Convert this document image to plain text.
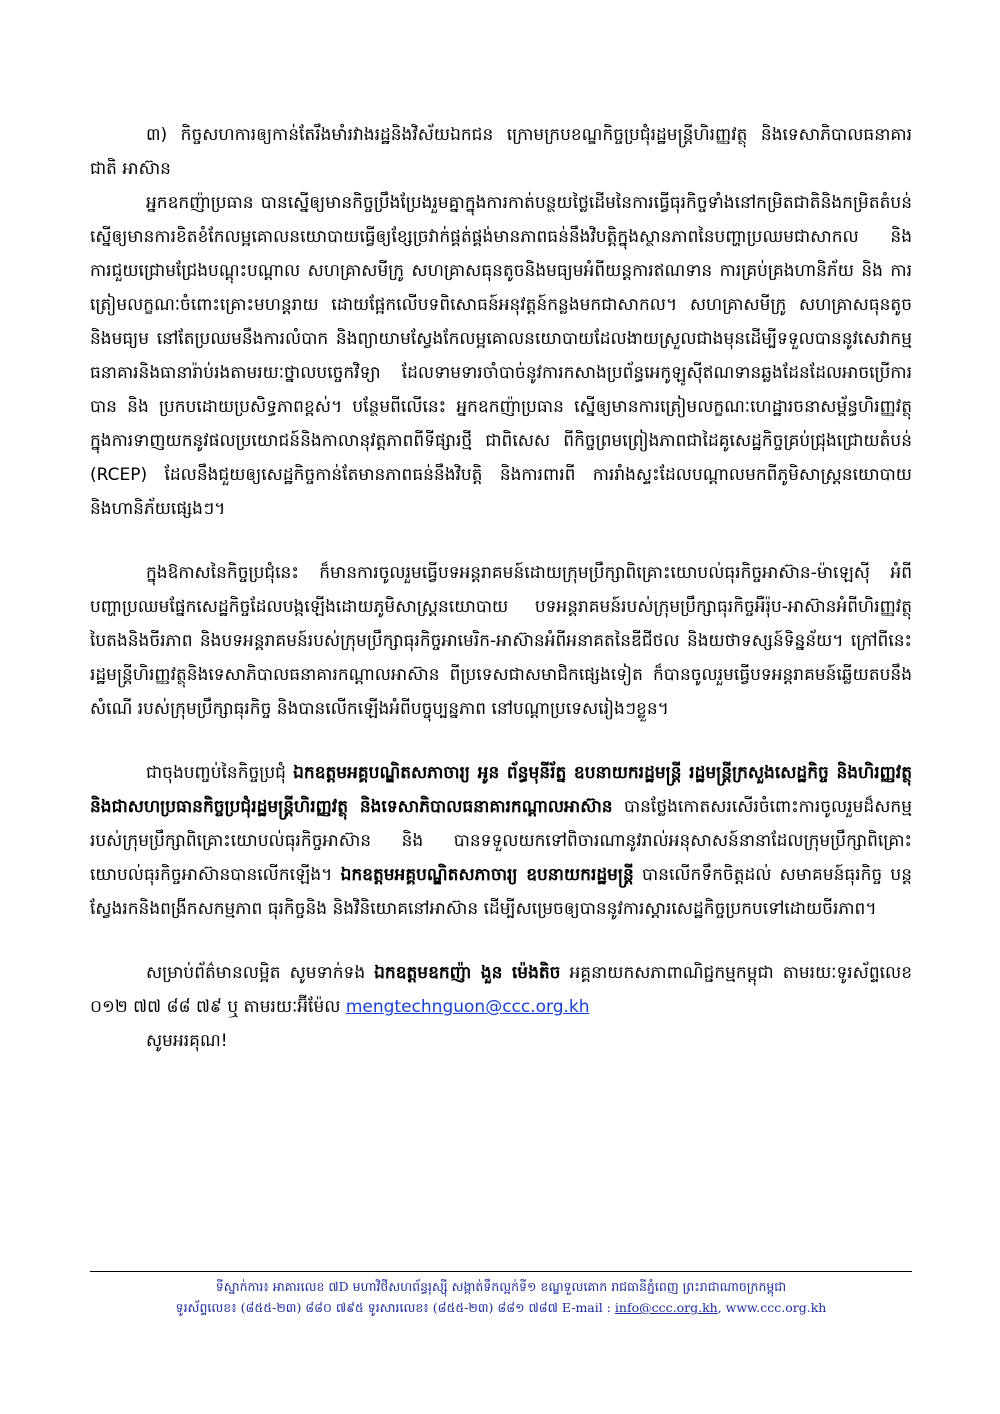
៣) កិច្ចសហការឲ្យកាន់តែរឹងមាំរវាងរដ្ឋនិងវិស័យឯកជន ក្រោមក្របខណ្ឌកិច្ចប្រជុំរដ្ឋមន្ត្រីហិរញ្ញវត្ថុ និងទេសាភិបាលធនាគារជាតិ អាស៊ាន

អ្នកឧកញ៉ាប្រធាន បានស្នើឲ្យមានកិច្ចប្រឹងប្រែងរួមគ្នាក្នុងការកាត់បន្ថយថ្លៃដើមនៃការធ្វើធុរកិច្ចទាំងនៅកម្រិតជាតិនិងកម្រិតតំបន់ ស្នើឲ្យមានការខិតខំកែលម្អគោលនយោបាយធ្វើឲ្យខ្សែច្រវាក់ផ្គត់ផ្គង់មានភាពធន់នឹងវិបត្តិក្នុងស្ថានភាពនៃបញ្ហាប្រឈមជាសាកល និងការជួយជ្រោមជ្រែងបណ្តុះបណ្តាល សហគ្រាសមីក្រូ សហគ្រាសធុនតូចនិងមធ្យមអំពីយន្តការឥណទាន ការគ្រប់គ្រងហានិភ័យ និង ការត្រៀមលក្ខណៈចំពោះគ្រោះមហន្តរាយ ដោយផ្អែកលើបទពិសោធន៍អនុវត្តន៍កន្លងមកជាសាកល។ សហគ្រាសមីក្រូ សហគ្រាសធុនតូច និងមធ្យម នៅតែប្រឈមនឹងការលំបាក និងព្យាយាមស្វែងកែលម្អគោលនយោបាយដែលងាយស្រួលជាងមុនដើម្បីទទួលបាននូវសេវាកម្មធនាគារនិងធានារ៉ាប់រងតាមរយៈថ្នាលបច្ចេកវិទ្យា ដែលទាមទារចាំបាច់នូវការកសាងប្រព័ន្ធអេកូឡូស៊ីឥណទានឆ្លងដែនដែលអាចប្រើការបាន និង ប្រកបដោយប្រសិទ្ធភាពខ្ពស់។ បន្ថែមពីលើនេះ អ្នកឧកញ៉ាប្រធាន ស្នើឲ្យមានការត្រៀមលក្ខណៈហេដ្ឋារចនាសម្ព័ន្ធហិរញ្ញវត្ថុ ក្នុងការទាញយកនូវផលប្រយោជន៍និងកាលានុវត្តភាពពីទីផ្សារថ្មី ជាពិសេស ពីកិច្ចព្រមព្រៀងភាពជាដៃគូសេដ្ឋកិច្ចគ្រប់ជ្រុងជ្រោយតំបន់ (RCEP) ដែលនឹងជួយឲ្យសេដ្ឋកិច្ចកាន់តែមានភាពធន់នឹងវិបត្តិ និងការពារពី ការរាំងស្ទះដែលបណ្តាលមកពីភូមិសាស្ត្រនយោបាយនិងហានិភ័យផ្សេងៗ។

ក្នុងឱកាសនៃកិច្ចប្រជុំនេះ ក៏មានការចូលរួមធ្វើបទអន្តរាគមន៍ដោយក្រុមប្រឹក្សាពិគ្រោះយោបល់ធុរកិច្ចអាស៊ាន-ម៉ាឡេស៊ី អំពីបញ្ហាប្រឈមផ្នែកសេដ្ឋកិច្ចដែលបង្កឡើងដោយភូមិសាស្ត្រនយោបាយ បទអន្តរាគមន៍របស់ក្រុមប្រឹក្សាធុរកិច្ចអឺរ៉ុប-អាស៊ានអំពីហិរញ្ញវត្ថុបៃតងនិងចីរភាព និងបទអន្តរាគមន៍របស់ក្រុមប្រឹក្សាធុរកិច្ចអាមេរិក-អាស៊ានអំពីអនាគតនៃឌីជីថល និងយថាទស្សន៍ទិន្នន័យ។ ក្រៅពីនេះ រដ្ឋមន្ត្រីហិរញ្ញវត្ថុនិងទេសាភិបាលធនាគារកណ្តាលអាស៊ាន ពីប្រទេសជាសមាជិកផ្សេងទៀត ក៏បានចូលរួមធ្វើបទអន្តរាគមន៍ឆ្លើយតបនឹងសំណើ របស់ក្រុមប្រឹក្សាធុរកិច្ច និងបានលើកឡើងអំពីបច្ចុប្បន្នភាព នៅបណ្តាប្រទេសរៀងៗខ្លួន។

ជាចុងបញ្ចប់នៃកិច្ចប្រជុំ ឯកឧត្តមអគ្គបណ្ឌិតសភាចារ្យ អូន ព័ន្ធមុនីរ័ត្ន ឧបនាយករដ្ឋមន្ត្រី រដ្ឋមន្ត្រីក្រសួងសេដ្ឋកិច្ច និងហិរញ្ញវត្ថុ និងជាសហប្រធានកិច្ចប្រជុំរដ្ឋមន្ត្រីហិរញ្ញវត្ថុ និងទេសាភិបាលធនាគារកណ្តាលអាស៊ាន បានថ្លែងកោតសរសើរចំពោះការចូលរួមដ៏សកម្មរបស់ក្រុមប្រឹក្សាពិគ្រោះយោបល់ធុរកិច្ចអាស៊ាន និង បានទទួលយកទៅពិចារណានូវរាល់អនុសាសន៍នានាដែលក្រុមប្រឹក្សាពិគ្រោះយោបល់ធុរកិច្ចអាស៊ានបានលើកឡើង។ ឯកឧត្តមអគ្គបណ្ឌិតសភាចារ្យ ឧបនាយករដ្ឋមន្ត្រី បានលើកទឹកចិត្តដល់ សមាគមន៍ធុរកិច្ច បន្តស្វែងរកនិងពង្រីកសកម្មភាព ធុរកិច្ចនិង និងវិនិយោគនៅអាស៊ាន ដើម្បីសម្រេចឲ្យបាននូវការស្តារសេដ្ឋកិច្ចប្រកបទៅដោយចីរភាព។

សម្រាប់ព័ត៌មានលម្អិត សូមទាក់ទង ឯកឧត្តមឧកញ៉ា ងួន ម៉េងតិច អគ្គនាយកសភាពាណិជ្ជកម្មកម្ពុជា តាមរយៈទូរស័ព្ទលេខ ០១២ ៧៧ ៨៨ ៧៩ ឬ តាមរយៈអ៊ីម៉ែល mengtechnguon@ccc.org.kh

សូមអរគុណ!

ទីស្នាក់ការ៖ អាគារលេខ ៧D មហាវិថីសហព័ន្ធរុស្ស៊ី សង្កាត់ទឹកល្អក់ទី១ ខណ្ឌទួលគោក រាជធានីភ្នំពេញ ព្រះរាជាណាចក្រកម្ពុជា
ទូរស័ព្ទលេខ៖ (៨៥៥-២៣) ៨៨០ ៧៩៥ ទូរសារលេខ៖ (៨៥៥-២៣) ៨៨១ ៧៨៧ E-mail : info@ccc.org.kh, www.ccc.org.kh
